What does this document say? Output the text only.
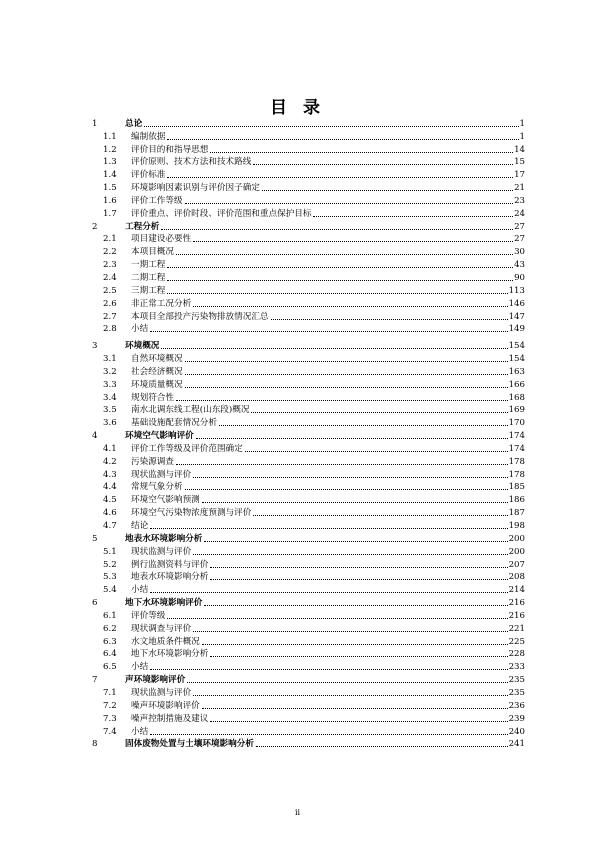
目 录
1	总论	1
1.1	编制依据	1
1.2	评价目的和指导思想	14
1.3	评价原则、技术方法和技术路线	15
1.4	评价标准	17
1.5	环境影响因素识别与评价因子确定	21
1.6	评价工作等级	23
1.7	评价重点、评价时段、评价范围和重点保护目标	24
2	工程分析	27
2.1	项目建设必要性	27
2.2	本项目概况	30
2.3	一期工程	43
2.4	二期工程	90
2.5	三期工程	113
2.6	非正常工况分析	146
2.7	本项目全部投产污染物排放情况汇总	147
2.8	小结	149
3	环境概况	154
3.1	自然环境概况	154
3.2	社会经济概况	163
3.3	环境质量概况	166
3.4	规划符合性	168
3.5	南水北调东线工程(山东段)概况	169
3.6	基础设施配套情况分析	170
4	环境空气影响评价	174
4.1	评价工作等级及评价范围确定	174
4.2	污染源调查	178
4.3	现状监测与评价	178
4.4	常规气象分析	185
4.5	环境空气影响预测	186
4.6	环境空气污染物浓度预测与评价	187
4.7	结论	198
5	地表水环境影响分析	200
5.1	现状监测与评价	200
5.2	例行监测资料与评价	207
5.3	地表水环境影响分析	208
5.4	小结	214
6	地下水环境影响评价	216
6.1	评价等级	216
6.2	现状调查与评价	221
6.3	水文地质条件概况	225
6.4	地下水环境影响分析	228
6.5	小结	233
7	声环境影响评价	235
7.1	现状监测与评价	235
7.2	噪声环境影响评价	236
7.3	噪声控制措施及建议	239
7.4	小结	240
8	固体废物处置与土壤环境影响分析	241
ii
